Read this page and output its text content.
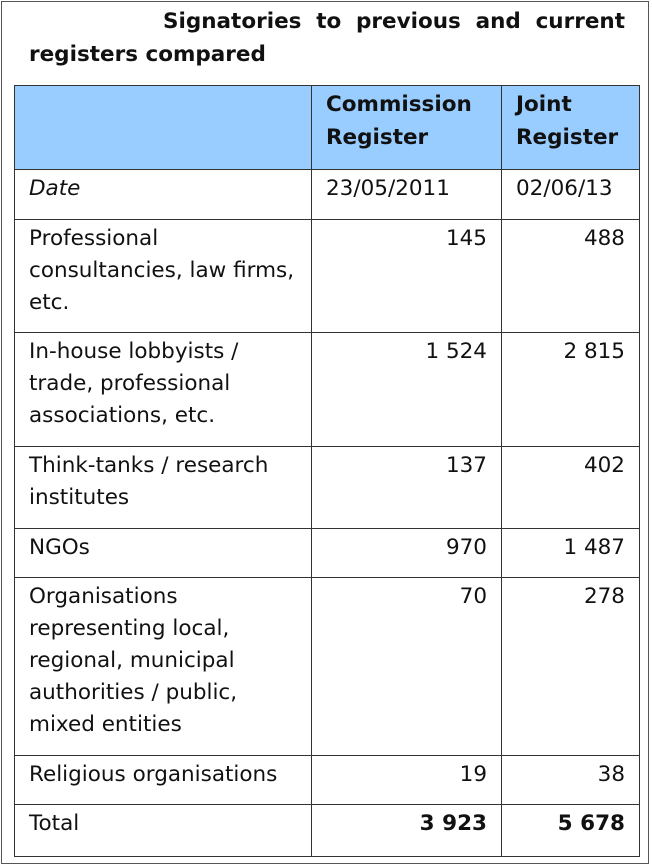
Signatories to previous and current
registers compared
	Commission Register	Joint Register
Date	23/05/2011	02/06/13
Professional consultancies, law firms, etc.	145	488
In-house lobbyists / trade, professional associations, etc.	1 524	2 815
Think-tanks / research institutes	137	402
NGOs	970	1 487
Organisations representing local, regional, municipal authorities / public, mixed entities	70	278
Religious organisations	19	38
Total	3 923	5 678
